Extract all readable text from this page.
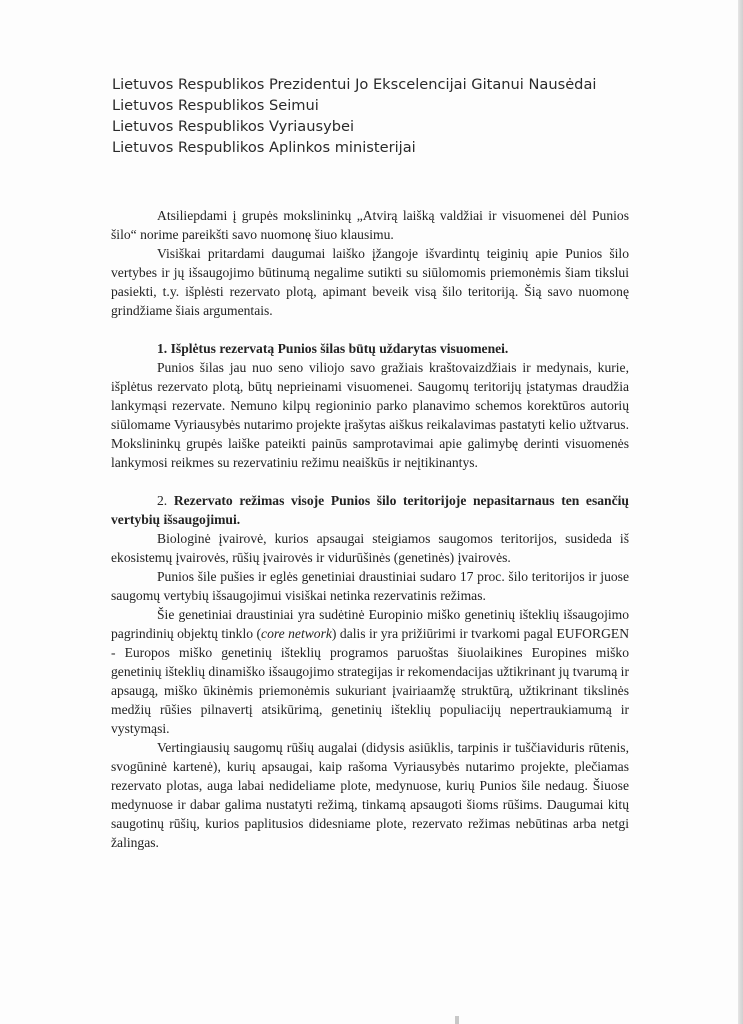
Lietuvos Respublikos Prezidentui Jo Ekscelencijai Gitanui Nausėdai
Lietuvos Respublikos Seimui
Lietuvos Respublikos Vyriausybei
Lietuvos Respublikos Aplinkos ministerijai

Atsiliepdami į grupės mokslininkų „Atvirą laišką valdžiai ir visuomenei dėl Punios šilo“ norime pareikšti savo nuomonę šiuo klausimu.

Visiškai pritardami daugumai laiško įžangoje išvardintų teiginių apie Punios šilo vertybes ir jų išsaugojimo būtinumą negalime sutikti su siūlomomis priemonėmis šiam tikslui pasiekti, t.y. išplėsti rezervato plotą, apimant beveik visą šilo teritoriją. Šią savo nuomonę grindžiame šiais argumentais.

1. Išplėtus rezervatą Punios šilas būtų uždarytas visuomenei.

Punios šilas jau nuo seno viliojo savo gražiais kraštovaizdžiais ir medynais, kurie, išplėtus rezervato plotą, būtų neprieinami visuomenei. Saugomų teritorijų įstatymas draudžia lankymąsi rezervate. Nemuno kilpų regioninio parko planavimo schemos korektūros autorių siūlomame Vyriausybės nutarimo projekte įrašytas aiškus reikalavimas pastatyti kelio užtvarus. Mokslininkų grupės laiške pateikti painūs samprotavimai apie galimybę derinti visuomenės lankymosi reikmes su rezervatiniu režimu neaiškūs ir neįtikinantys.

2. Rezervato režimas visoje Punios šilo teritorijoje nepasitarnaus ten esančių vertybių išsaugojimui.

Biologinė įvairovė, kurios apsaugai steigiamos saugomos teritorijos, susideda iš ekosistemų įvairovės, rūšių įvairovės ir vidurūšinės (genetinės) įvairovės.

Punios šile pušies ir eglės genetiniai draustiniai sudaro 17 proc. šilo teritorijos ir juose saugomų vertybių išsaugojimui visiškai netinka rezervatinis režimas.

Šie genetiniai draustiniai yra sudėtinė Europinio miško genetinių išteklių išsaugojimo pagrindinių objektų tinklo (core network) dalis ir yra prižiūrimi ir tvarkomi pagal EUFORGEN - Europos miško genetinių išteklių programos paruoštas šiuolaikines Europines miško genetinių išteklių dinamiško išsaugojimo strategijas ir rekomendacijas užtikrinant jų tvarumą ir apsaugą, miško ūkinėmis priemonėmis sukuriant įvairiaamžę struktūrą, užtikrinant tikslinės medžių rūšies pilnavertį atsikūrimą, genetinių išteklių populiacijų nepertraukiamumą ir vystymąsi.

Vertingiausių saugomų rūšių augalai (didysis asiūklis, tarpinis ir tuščiaviduris rūtenis, svogūninė kartenė), kurių apsaugai, kaip rašoma Vyriausybės nutarimo projekte, plečiamas rezervato plotas, auga labai nedideliame plote, medynuose, kurių Punios šile nedaug. Šiuose medynuose ir dabar galima nustatyti režimą, tinkamą apsaugoti šioms rūšims. Daugumai kitų saugotinų rūšių, kurios paplitusios didesniame plote, rezervato režimas nebūtinas arba netgi žalingas.
